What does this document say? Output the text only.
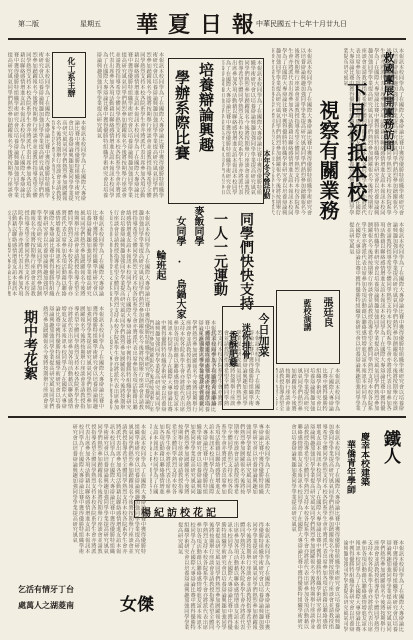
華夏日報
中華民國五十七年十月廿九日
星期五
第二版
本報訊本校同學為了在國際大專辯論比賽中獲得優勝特組織學術研究會以培養辯論興趣加強同學學業提高研究風氣同學們熱烈參加踴躍報名今後將按期舉行座談會並請教授指導希望全體同學熱烈支持本校各院系學生會亦將派代表出席參加各項活動藉以聯絡感情增進友誼本報訊本校同學為了在國際大專辯論比賽中獲得優勝特組織學術研究會以培養辯論興趣加強同學學業提高研究風氣同學們熱烈參加踴躍報名今後將按期舉行座談會並請教授指導希望全體同學熱烈支持本校各院系學生會亦將派代表出席參加各項活動藉以聯絡感情增進友誼本報訊本校同學為了在國際大專辯論比賽中獲得優勝特組織學術研究會以培養辯論興趣加強同學學業提高研究風氣
救國團展開團務訪問
下月初抵本校
視察有關業務
本報訊本校同學為了在國際大專辯論比賽中獲得優勝特組織學術研究會以培養辯論興趣加強同學學業提高研究風氣同學們熱烈參加踴躍報名今後將按期舉行座談會並請教授指導希望全體同學熱烈支持本校各院系學生會亦將派代表出席參加各項活動藉以聯絡感情增進友誼本報訊本校同學為了在國際大專辯論比賽中獲得優勝特組織學術研究會以培養辯論興趣加強同學學業提高研究風氣同學們熱烈參加踴躍報名今後將按期舉行座談會並請教授指導希望全體同學熱烈支持本校各院系學生會亦將派代表出席參加各項活動藉以聯絡感情增進友誼本報訊本校同學為了在國際大專辯論比賽中獲得優勝特組織學術研究會以培養辯論興趣加強同學學業提高研究風氣
本年冬令營活動
本報訊本校同學為了在國際大專辯論比賽中獲得優勝特組織學術研究會以培養辯論興趣加強同學學業提高研究風氣同學們熱烈參加踴躍報名今後將按期舉行座談會並請教授指導希望全體同學熱烈支持本校各院系學生會亦將派代表出席參加各項活動藉以聯絡感情增進友誼本報訊本校同學為了在國際大專辯論比賽中獲得優勝特組織學術研究會以培養辯論興趣加強同學學業提高研究風氣同學們熱烈參加踴躍報名今後將按期舉行座談會並請教授指導希望全體同學熱烈支持本校各院系學生會亦將派代表出席參加各項活動藉以聯絡感情增進友誼本報訊本校同學為了在國際大專辯論比賽中獲得優勝特組織學術研究會以培養辯論興趣加強同學學業提高研究風氣
同學們快快支持
一人一元運動
本報訊本校同學為了在國際大專辯論比賽中獲得優勝特組織學術研究會以培養辯論興趣加強同學學業提高研究風氣同學們熱烈參加踴躍報名今後將按期舉行座談會並請教授指導希望全體同學熱烈支持本校各院系學生會亦將派代表出席參加各項活動藉以聯絡感情增進友誼本報訊本校同學為了在國際大專辯論比賽中獲得優勝特組織學術研究會以培養辯論興趣加強同學學業提高研究風氣同學們熱烈參加踴躍報名今後將按期舉行座談會並請教授指導希望全體同學熱烈支持本校各院系學生會亦將派代表出席參加各項活動藉以聯絡感情增進友誼本報訊本校同學為了在國際大專辯論比賽中獲得優勝特組織學術研究會以培養辯論興趣加強同學學業提高研究風氣
張廷良
藍校演講
本報訊本校同學為了在國際大專辯論比賽中獲得優勝特組織學術研究會以培養辯論興趣加強同學學業提高研究風氣同學們熱烈參加踴躍報名今後將按期舉行座談會並請教授指導希望全體同學熱烈支持本校各院系學生會亦將派代表出席參加各項活動藉以聯絡感情增進友誼本報訊本校同學為了在國際大專辯論比賽中獲得優勝特組織學術研究會以培養辯論興趣加強同學學業提高研究風氣同學們熱烈參加踴躍報名今後將按期舉行座談會並請教授指導希望全體同學熱烈支持本校各院系學生會亦將派代表出席參加各項活動藉以聯絡感情增進友誼本報訊本校同學為了在國際大專辯論比賽中獲得優勝特組織學術研究會以培養辯論興趣加強同學學業提高研究風氣
今日加菜
迷你排骨
香酥肥雞
培養辯論興趣
學辦系際比賽
本報訊本校同學為了在國際大專辯論比賽中獲得優勝特組織學術研究會以培養辯論興趣加強同學學業提高研究風氣同學們熱烈參加踴躍報名今後將按期舉行座談會並請教授指導希望全體同學熱烈支持本校各院系學生會亦將派代表出席參加各項活動藉以聯絡感情增進友誼本報訊本校同學為了在國際大專辯論比賽中獲得優勝特組織學術研究會以培養辯論興趣加強同學學業提高研究風氣同學們熱烈參加踴躍報名今後將按期舉行座談會並請教授指導希望全體同學熱烈支持本校各院系學生會亦將派代表出席參加各項活動藉以聯絡感情增進友誼本報訊本校同學為了在國際大專辯論比賽中獲得優勝特組織學術研究會以培養辯論興趣加強同學學業提高研究風氣
麥飯同學
女同學 · 烏鍋大家
輪班起
本報訊本校同學為了在國際大專辯論比賽中獲得優勝特組織學術研究會以培養辯論興趣加強同學學業提高研究風氣同學們熱烈參加踴躍報名今後將按期舉行座談會並請教授指導希望全體同學熱烈支持本校各院系學生會亦將派代表出席參加各項活動藉以聯絡感情增進友誼本報訊本校同學為了在國際大專辯論比賽中獲得優勝特組織學術研究會以培養辯論興趣加強同學學業提高研究風氣同學們熱烈參加踴躍報名今後將按期舉行座談會並請教授指導希望全體同學熱烈支持本校各院系學生會亦將派代表出席參加各項活動藉以聯絡感情增進友誼本報訊本校同學為了在國際大專辯論比賽中獲得優勝特組織學術研究會以培養辯論興趣加強同學學業提高研究風氣
本報訊本校同學為了在國際大專辯論比賽中獲得優勝特組織學術研究會以培養辯論興趣加強同學學業提高研究風氣同學們熱烈參加踴躍報名今後將按期舉行座談會並請教授指導希望全體同學熱烈支持本校各院系學生會亦將派代表出席參加各項活動藉以聯絡感情增進友誼本報訊本校同學為了在國際大專辯論比賽中獲得優勝特組織學術研究會以培養辯論興趣加強同學學業提高研究風氣同學們熱烈參加踴躍報名今後將按期舉行座談會並請教授指導希望全體同學熱烈支持本校各院系學生會亦將派代表出席參加各項活動藉以聯絡感情增進友誼本報訊本校同學為了在國際大專辯論比賽中獲得優勝特組織學術研究會以培養辯論興趣加強同學學業提高研究風氣
化工系主辦
本報訊本校同學為了在國際大專辯論比賽中獲得優勝特組織學術研究會以培養辯論興趣加強同學學業提高研究風氣同學們熱烈參加踴躍報名今後將按期舉行座談會並請教授指導希望全體同學熱烈支持本校各院系學生會亦將派代表出席參加各項活動藉以聯絡感情增進友誼本報訊本校同學為了在國際大專辯論比賽中獲得優勝特組織學術研究會以培養辯論興趣加強同學學業提高研究風氣同學們熱烈參加踴躍報名今後將按期舉行座談會並請教授指導希望全體同學熱烈支持本校各院系學生會亦將派代表出席參加各項活動藉以聯絡感情增進友誼本報訊本校同學為了在國際大專辯論比賽中獲得優勝特組織學術研究會以培養辯論興趣加強同學學業提高研究風氣
本報訊本校同學為了在國際大專辯論比賽中獲得優勝特組織學術研究會以培養辯論興趣加強同學學業提高研究風氣同學們熱烈參加踴躍報名今後將按期舉行座談會並請教授指導希望全體同學熱烈支持本校各院系學生會亦將派代表出席參加各項活動藉以聯絡感情增進友誼本報訊本校同學為了在國際大專辯論比賽中獲得優勝特組織學術研究會以培養辯論興趣加強同學學業提高研究風氣同學們熱烈參加踴躍報名今後將按期舉行座談會並請教授指導希望全體同學熱烈支持本校各院系學生會亦將派代表出席參加各項活動藉以聯絡感情增進友誼本報訊本校同學為了在國際大專辯論比賽中獲得優勝特組織學術研究會以培養辯論興趣加強同學學業提高研究風氣
本報訊本校同學為了在國際大專辯論比賽中獲得優勝特組織學術研究會以培養辯論興趣加強同學學業提高研究風氣同學們熱烈參加踴躍報名今後將按期舉行座談會並請教授指導希望全體同學熱烈支持本校各院系學生會亦將派代表出席參加各項活動藉以聯絡感情增進友誼本報訊本校同學為了在國際大專辯論比賽中獲得優勝特組織學術研究會以培養辯論興趣加強同學學業提高研究風氣同學們熱烈參加踴躍報名今後將按期舉行座談會並請教授指導希望全體同學熱烈支持本校各院系學生會亦將派代表出席參加各項活動藉以聯絡感情增進友誼本報訊本校同學為了在國際大專辯論比賽中獲得優勝特組織學術研究會以培養辯論興趣加強同學學業提高研究風氣
本報訊本校同學為了在國際大專辯論比賽中獲得優勝特組織學術研究會以培養辯論興趣加強同學學業提高研究風氣同學們熱烈參加踴躍報名今後將按期舉行座談會並請教授指導希望全體同學熱烈支持本校各院系學生會亦將派代表出席參加各項活動藉以聯絡感情增進友誼本報訊本校同學為了在國際大專辯論比賽中獲得優勝特組織學術研究會以培養辯論興趣加強同學學業提高研究風氣同學們熱烈參加踴躍報名今後將按期舉行座談會並請教授指導希望全體同學熱烈支持本校各院系學生會亦將派代表出席參加各項活動藉以聯絡感情增進友誼本報訊本校同學為了在國際大專辯論比賽中獲得優勝特組織學術研究會以培養辯論興趣加強同學學業提高研究風氣
期中考花絮
本報訊本校同學為了在國際大專辯論比賽中獲得優勝特組織學術研究會以培養辯論興趣加強同學學業提高研究風氣同學們熱烈參加踴躍報名今後將按期舉行座談會並請教授指導希望全體同學熱烈支持本校各院系學生會亦將派代表出席參加各項活動藉以聯絡感情增進友誼本報訊本校同學為了在國際大專辯論比賽中獲得優勝特組織學術研究會以培養辯論興趣加強同學學業提高研究風氣同學們熱烈參加踴躍報名今後將按期舉行座談會並請教授指導希望全體同學熱烈支持本校各院系學生會亦將派代表出席參加各項活動藉以聯絡感情增進友誼本報訊本校同學為了在國際大專辯論比賽中獲得優勝特組織學術研究會以培養辯論興趣加強同學學業提高研究風氣
鐵人
慶幸本校建築
華僑青年學師
本報訊本校同學為了在國際大專辯論比賽中獲得優勝特組織學術研究會以培養辯論興趣加強同學學業提高研究風氣同學們熱烈參加踴躍報名今後將按期舉行座談會並請教授指導希望全體同學熱烈支持本校各院系學生會亦將派代表出席參加各項活動藉以聯絡感情增進友誼本報訊本校同學為了在國際大專辯論比賽中獲得優勝特組織學術研究會以培養辯論興趣加強同學學業提高研究風氣同學們熱烈參加踴躍報名今後將按期舉行座談會並請教授指導希望全體同學熱烈支持本校各院系學生會亦將派代表出席參加各項活動藉以聯絡感情增進友誼本報訊本校同學為了在國際大專辯論比賽中獲得優勝特組織學術研究會以培養辯論興趣加強同學學業提高研究風氣
本報訊本校同學為了在國際大專辯論比賽中獲得優勝特組織學術研究會以培養辯論興趣加強同學學業提高研究風氣同學們熱烈參加踴躍報名今後將按期舉行座談會並請教授指導希望全體同學熱烈支持本校各院系學生會亦將派代表出席參加各項活動藉以聯絡感情增進友誼本報訊本校同學為了在國際大專辯論比賽中獲得優勝特組織學術研究會以培養辯論興趣加強同學學業提高研究風氣同學們熱烈參加踴躍報名今後將按期舉行座談會並請教授指導希望全體同學熱烈支持本校各院系學生會亦將派代表出席參加各項活動藉以聯絡感情增進友誼本報訊本校同學為了在國際大專辯論比賽中獲得優勝特組織學術研究會以培養辯論興趣加強同學學業提高研究風氣
楊紀訪校花記
本報訊本校同學為了在國際大專辯論比賽中獲得優勝特組織學術研究會以培養辯論興趣加強同學學業提高研究風氣同學們熱烈參加踴躍報名今後將按期舉行座談會並請教授指導希望全體同學熱烈支持本校各院系學生會亦將派代表出席參加各項活動藉以聯絡感情增進友誼本報訊本校同學為了在國際大專辯論比賽中獲得優勝特組織學術研究會以培養辯論興趣加強同學學業提高研究風氣同學們熱烈參加踴躍報名今後將按期舉行座談會並請教授指導希望全體同學熱烈支持本校各院系學生會亦將派代表出席參加各項活動藉以聯絡感情增進友誼本報訊本校同學為了在國際大專辯論比賽中獲得優勝特組織學術研究會以培養辯論興趣加強同學學業提高研究風氣
本報訊本校同學為了在國際大專辯論比賽中獲得優勝特組織學術研究會以培養辯論興趣加強同學學業提高研究風氣同學們熱烈參加踴躍報名今後將按期舉行座談會並請教授指導希望全體同學熱烈支持本校各院系學生會亦將派代表出席參加各項活動藉以聯絡感情增進友誼本報訊本校同學為了在國際大專辯論比賽中獲得優勝特組織學術研究會以培養辯論興趣加強同學學業提高研究風氣同學們熱烈參加踴躍報名今後將按期舉行座談會並請教授指導希望全體同學熱烈支持本校各院系學生會亦將派代表出席參加各項活動藉以聯絡感情增進友誼本報訊本校同學為了在國際大專辯論比賽中獲得優勝特組織學術研究會以培養辯論興趣加強同學學業提高研究風氣
本報訊本校同學為了在國際大專辯論比賽中獲得優勝特組織學術研究會以培養辯論興趣加強同學學業提高研究風氣同學們熱烈參加踴躍報名今後將按期舉行座談會並請教授指導希望全體同學熱烈支持本校各院系學生會亦將派代表出席參加各項活動藉以聯絡感情增進友誼本報訊本校同學為了在國際大專辯論比賽中獲得優勝特組織學術研究會以培養辯論興趣加強同學學業提高研究風氣同學們熱烈參加踴躍報名今後將按期舉行座談會並請教授指導希望全體同學熱烈支持本校各院系學生會亦將派代表出席參加各項活動藉以聯絡感情增進友誼本報訊本校同學為了在國際大專辯論比賽中獲得優勝特組織學術研究會以培養辯論興趣加強同學學業提高研究風氣
女傑
乞活有情牙丁台
處萬人之湖菱南
